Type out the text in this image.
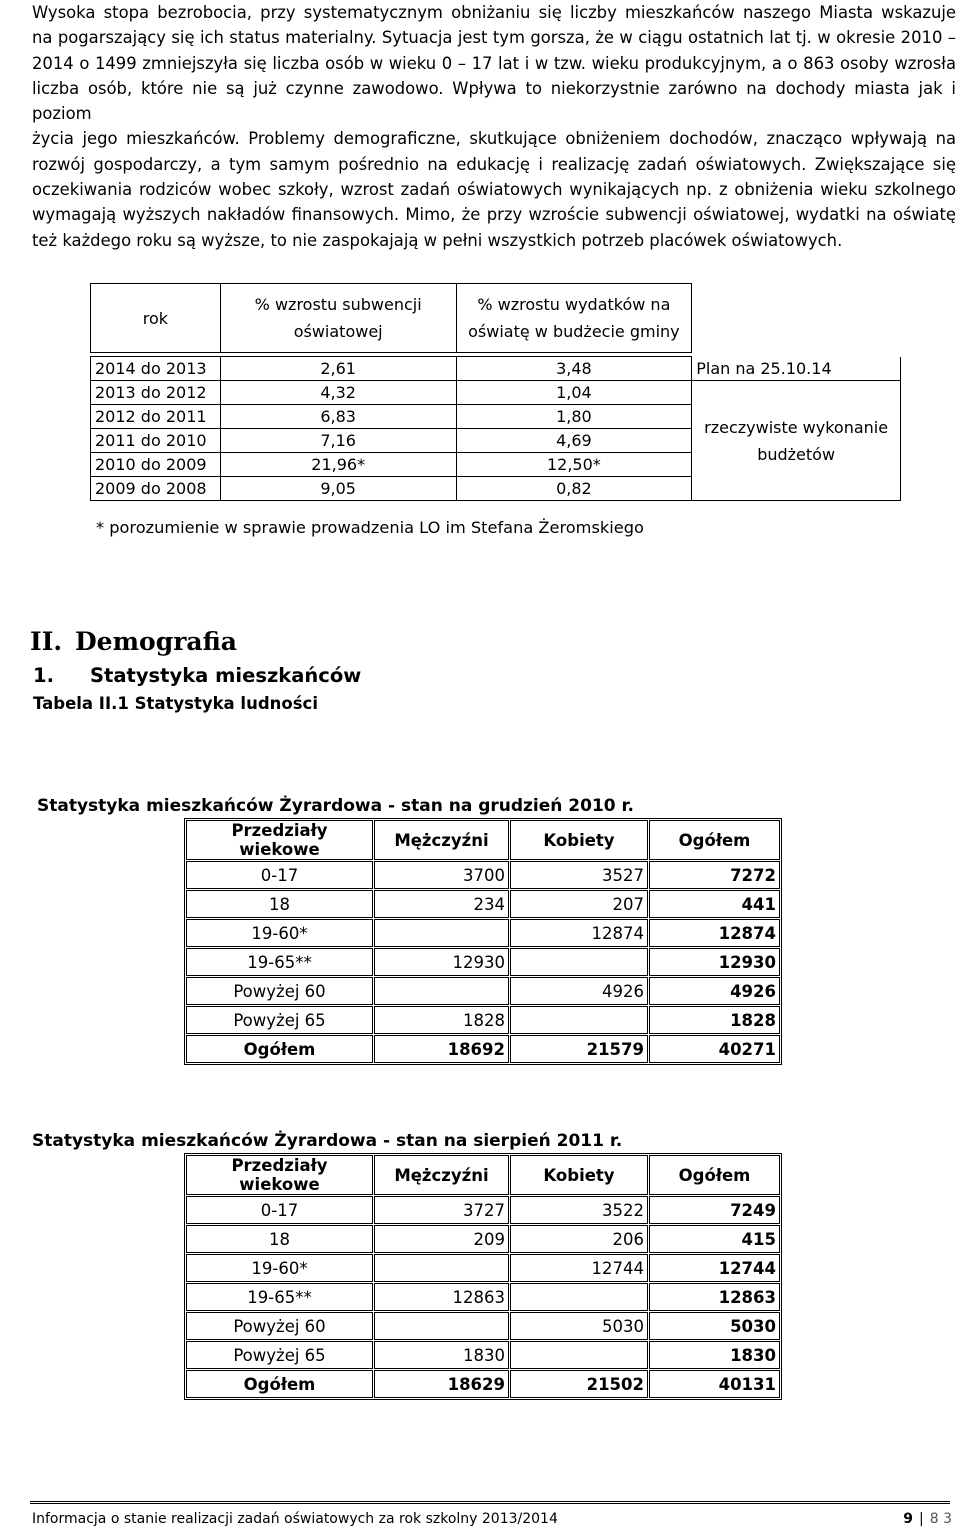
Wysoka stopa bezrobocia, przy systematycznym obniżaniu się liczby mieszkańców naszego Miasta wskazuje
na pogarszający się ich status materialny. Sytuacja jest tym gorsza, że w ciągu ostatnich lat tj. w okresie 2010 –
2014 o 1499 zmniejszyła się liczba osób w wieku 0 – 17 lat i w tzw. wieku produkcyjnym, a o 863 osoby wzrosła
liczba osób, które nie są już czynne zawodowo. Wpływa to niekorzystnie zarówno na dochody miasta jak i poziom
życia jego mieszkańców. Problemy demograficzne, skutkujące obniżeniem dochodów, znacząco wpływają na
rozwój gospodarczy, a tym samym pośrednio na edukację i realizację zadań oświatowych. Zwiększające się
oczekiwania rodziców wobec szkoły, wzrost zadań oświatowych wynikających np. z obniżenia wieku szkolnego
wymagają wyższych nakładów finansowych. Mimo, że przy wzroście subwencji oświatowej, wydatki na oświatę
też każdego roku są wyższe, to nie zaspokajają w pełni wszystkich potrzeb placówek oświatowych.

rok	% wzrostu subwencji oświatowej	% wzrostu wydatków na oświatę w budżecie gminy	

2014 do 2013	2,61	3,48	Plan na 25.10.14
2013 do 2012	4,32	1,04	rzeczywiste wykonanie budżetów
2012 do 2011	6,83	1,80	
2011 do 2010	7,16	4,69	
2010 do 2009	21,96*	12,50*	
2009 do 2008	9,05	0,82	
* porozumienie w sprawie prowadzenia LO im Stefana Żeromskiego
II. Demografia
1. Statystyka mieszkańców
Tabela II.1 Statystyka ludności
Statystyka mieszkańców Żyrardowa - stan na grudzień 2010 r.
Przedziały wiekowe	Mężczyźni	Kobiety	Ogółem
0-17	3700	3527	7272
18	234	207	441
19-60*		12874	12874
19-65**	12930		12930
Powyżej 60		4926	4926
Powyżej 65	1828		1828
Ogółem	18692	21579	40271
Statystyka mieszkańców Żyrardowa - stan na sierpień 2011 r.
Przedziały wiekowe	Mężczyźni	Kobiety	Ogółem
0-17	3727	3522	7249
18	209	206	415
19-60*		12744	12744
19-65**	12863		12863
Powyżej 60		5030	5030
Powyżej 65	1830		1830
Ogółem	18629	21502	40131
Informacja o stanie realizacji zadań oświatowych za rok szkolny 2013/2014	9 | 8 3
